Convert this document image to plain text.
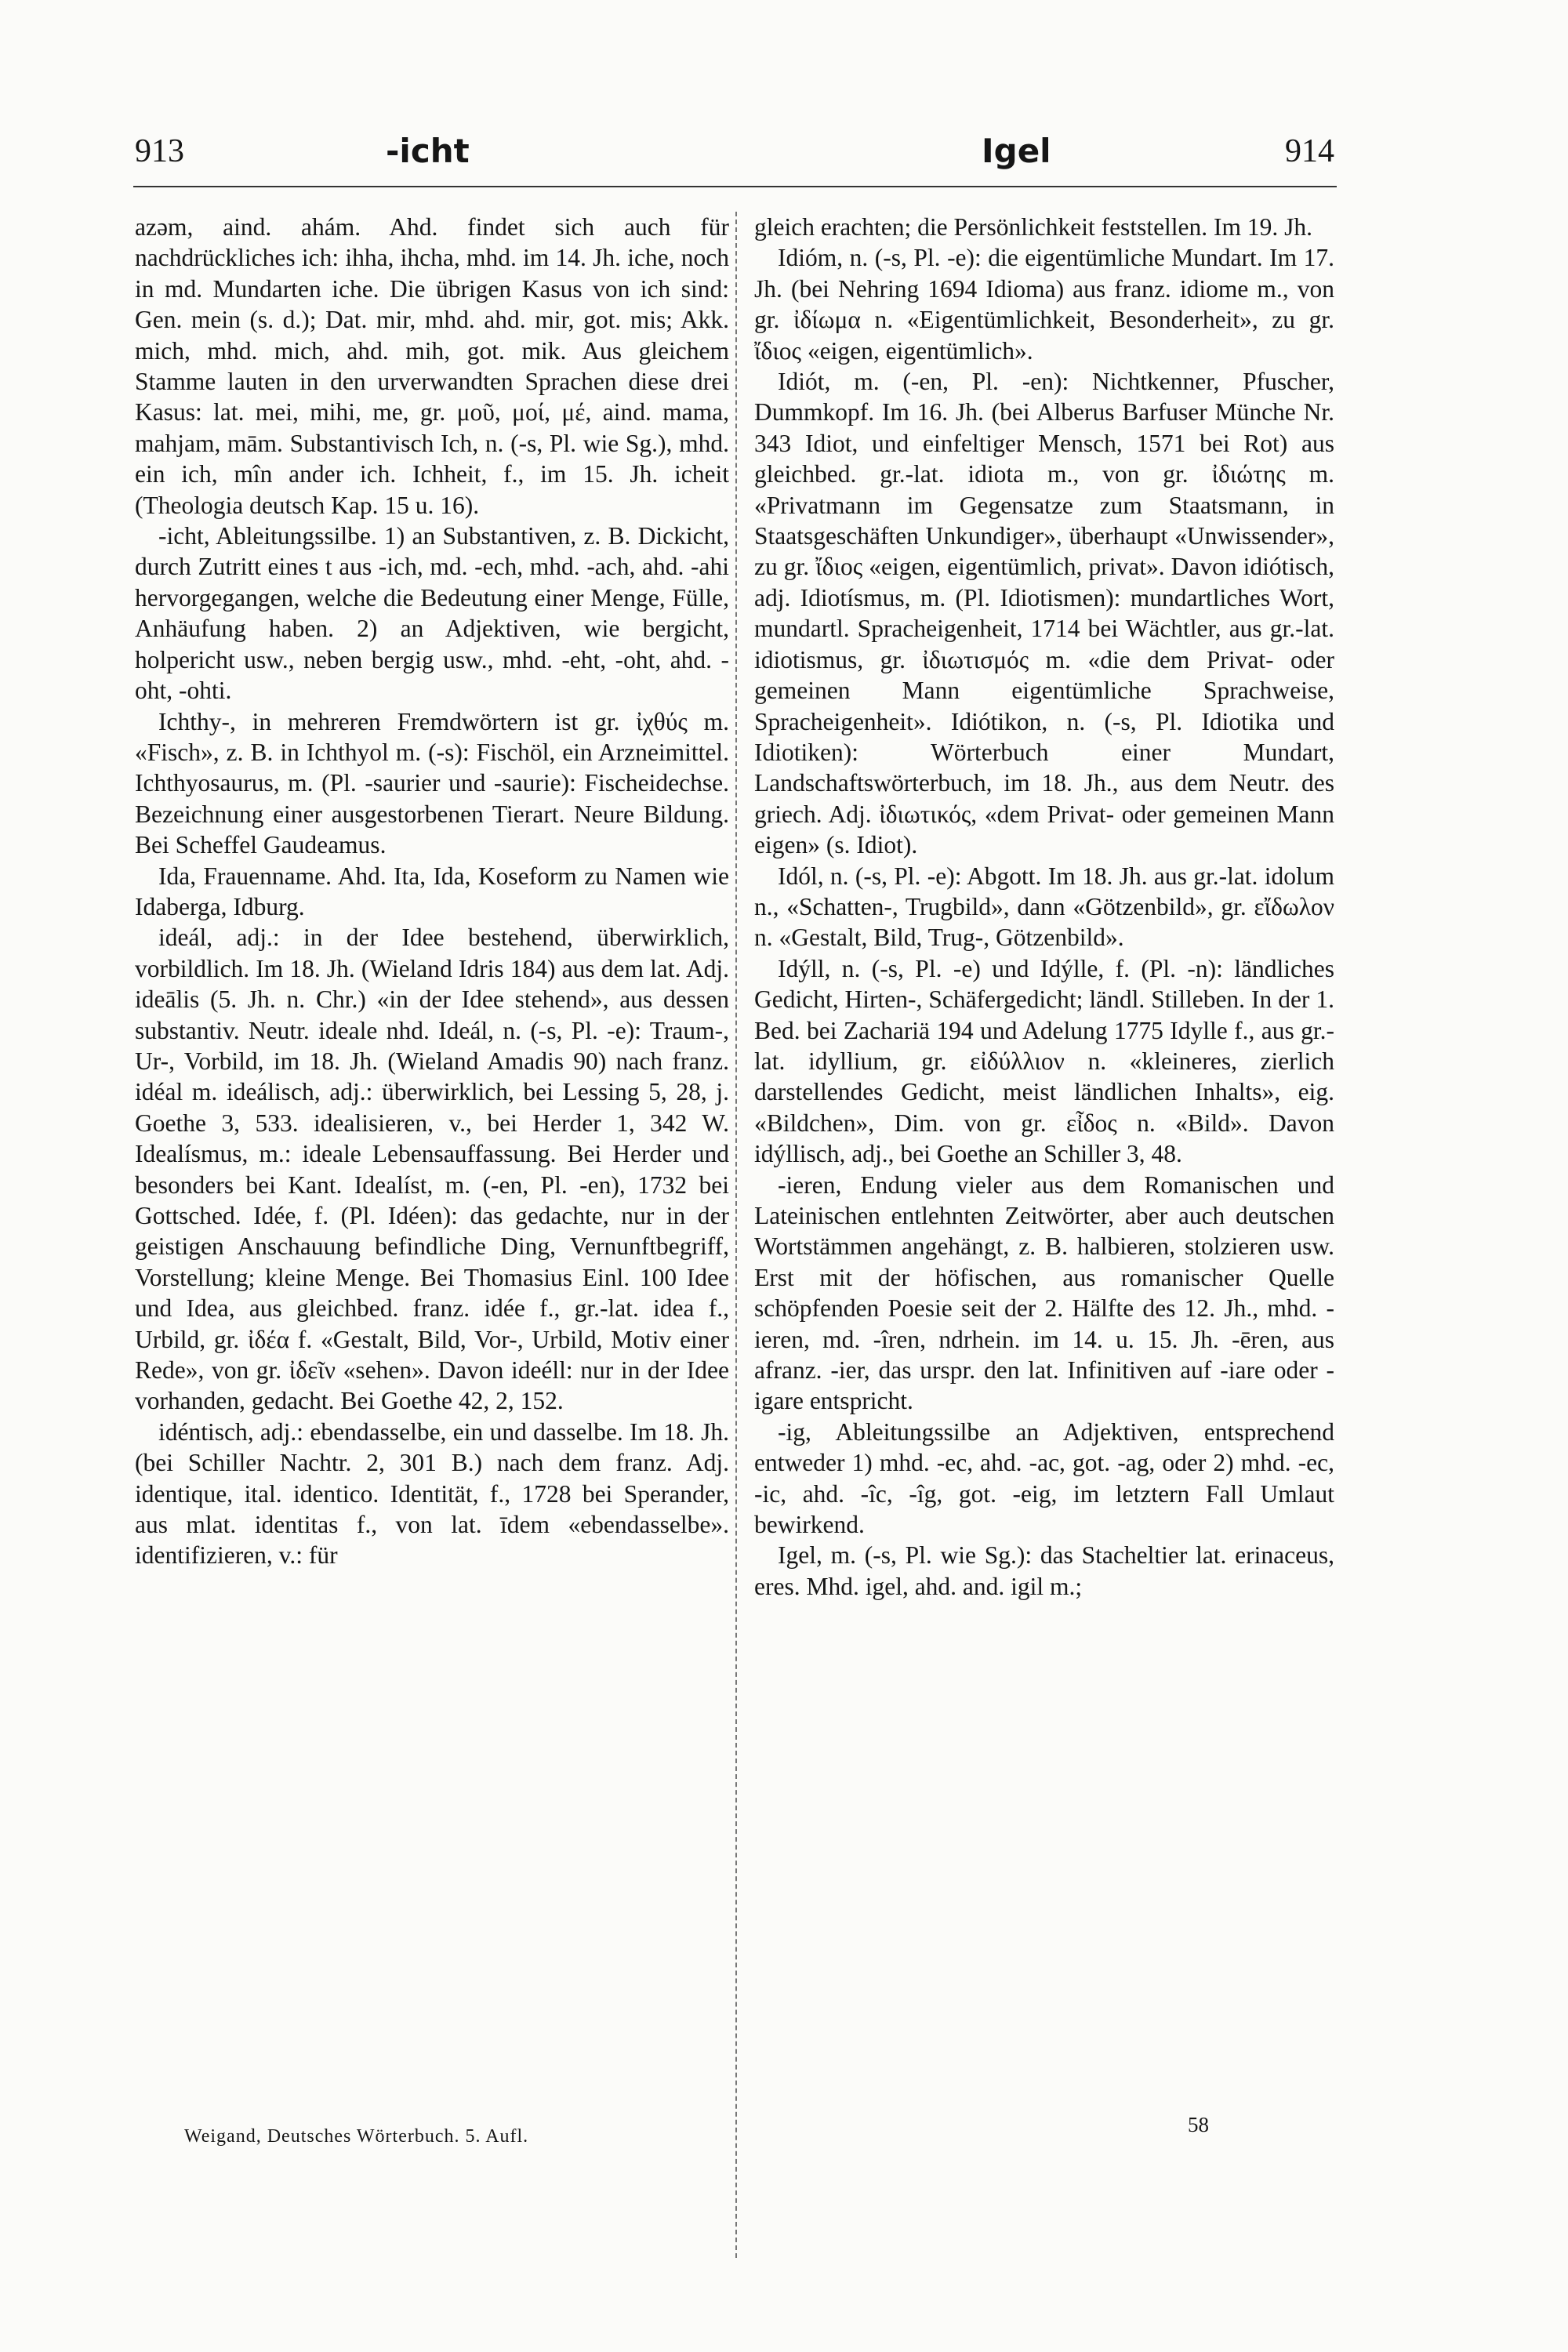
913	-icht	Igel	914

azəm, aind. ahám. Ahd. findet sich auch für nachdrückliches ich: ihha, ihcha, mhd. im 14. Jh. iche, noch in md. Mundarten iche. Die übrigen Kasus von ich sind: Gen. mein (s. d.); Dat. mir, mhd. ahd. mir, got. mis; Akk. mich, mhd. mich, ahd. mih, got. mik. Aus gleichem Stamme lauten in den urverwandten Sprachen diese drei Kasus: lat. mei, mihi, me, gr. μοῦ, μοί, μέ, aind. mama, mahjam, mām. Substantivisch Ich, n. (-s, Pl. wie Sg.), mhd. ein ich, mîn ander ich. Ichheit, f., im 15. Jh. icheit (Theologia deutsch Kap. 15 u. 16).

-icht, Ableitungssilbe. 1) an Substantiven, z. B. Dickicht, durch Zutritt eines t aus -ich, md. -ech, mhd. -ach, ahd. -ahi hervorgegangen, welche die Bedeutung einer Menge, Fülle, Anhäufung haben. 2) an Adjektiven, wie bergicht, holpericht usw., neben bergig usw., mhd. -eht, -oht, ahd. -oht, -ohti.

Ichthy-, in mehreren Fremdwörtern ist gr. ἰχθύς m. «Fisch», z. B. in Ichthyol m. (-s): Fischöl, ein Arzneimittel. Ichthyosaurus, m. (Pl. -saurier und -saurie): Fischeidechse. Bezeichnung einer ausgestorbenen Tierart. Neure Bildung. Bei Scheffel Gaudeamus.

Ida, Frauenname. Ahd. Ita, Ida, Koseform zu Namen wie Idaberga, Idburg.

ideál, adj.: in der Idee bestehend, überwirklich, vorbildlich. Im 18. Jh. (Wieland Idris 184) aus dem lat. Adj. ideālis (5. Jh. n. Chr.) «in der Idee stehend», aus dessen substantiv. Neutr. ideale nhd. Ideál, n. (-s, Pl. -e): Traum-, Ur-, Vorbild, im 18. Jh. (Wieland Amadis 90) nach franz. idéal m. ideálisch, adj.: überwirklich, bei Lessing 5, 28, j. Goethe 3, 533. idealisieren, v., bei Herder 1, 342 W. Idealísmus, m.: ideale Lebensauffassung. Bei Herder und besonders bei Kant. Idealíst, m. (-en, Pl. -en), 1732 bei Gottsched. Idée, f. (Pl. Idéen): das gedachte, nur in der geistigen Anschauung befindliche Ding, Vernunftbegriff, Vorstellung; kleine Menge. Bei Thomasius Einl. 100 Idee und Idea, aus gleichbed. franz. idée f., gr.-lat. idea f., Urbild, gr. ἰδέα f. «Gestalt, Bild, Vor-, Urbild, Motiv einer Rede», von gr. ἰδεῖν «sehen». Davon ideéll: nur in der Idee vorhanden, gedacht. Bei Goethe 42, 2, 152.

idéntisch, adj.: ebendasselbe, ein und dasselbe. Im 18. Jh. (bei Schiller Nachtr. 2, 301 B.) nach dem franz. Adj. identique, ital. identico. Identität, f., 1728 bei Sperander, aus mlat. identitas f., von lat. īdem «ebendasselbe». identifizieren, v.: für

gleich erachten; die Persönlichkeit feststellen. Im 19. Jh.

Idióm, n. (-s, Pl. -e): die eigentümliche Mundart. Im 17. Jh. (bei Nehring 1694 Idioma) aus franz. idiome m., von gr. ἰδίωμα n. «Eigentümlichkeit, Besonderheit», zu gr. ἴδιος «eigen, eigentümlich».

Idiót, m. (-en, Pl. -en): Nichtkenner, Pfuscher, Dummkopf. Im 16. Jh. (bei Alberus Barfuser Münche Nr. 343 Idiot, und einfeltiger Mensch, 1571 bei Rot) aus gleichbed. gr.-lat. idiota m., von gr. ἰδιώτης m. «Privatmann im Gegensatze zum Staatsmann, in Staatsgeschäften Unkundiger», überhaupt «Unwissender», zu gr. ἴδιος «eigen, eigentümlich, privat». Davon idiótisch, adj. Idiotísmus, m. (Pl. Idiotismen): mundartliches Wort, mundartl. Spracheigenheit, 1714 bei Wächtler, aus gr.-lat. idiotismus, gr. ἰδιωτισμός m. «die dem Privat- oder gemeinen Mann eigentümliche Sprachweise, Spracheigenheit». Idiótikon, n. (-s, Pl. Idiotika und Idiotiken): Wörterbuch einer Mundart, Landschaftswörterbuch, im 18. Jh., aus dem Neutr. des griech. Adj. ἰδιωτικός, «dem Privat- oder gemeinen Mann eigen» (s. Idiot).

Idól, n. (-s, Pl. -e): Abgott. Im 18. Jh. aus gr.-lat. idolum n., «Schatten-, Trugbild», dann «Götzenbild», gr. εἴδωλον n. «Gestalt, Bild, Trug-, Götzenbild».

Idýll, n. (-s, Pl. -e) und Idýlle, f. (Pl. -n): ländliches Gedicht, Hirten-, Schäfergedicht; ländl. Stilleben. In der 1. Bed. bei Zachariä 194 und Adelung 1775 Idylle f., aus gr.-lat. idyllium, gr. εἰδύλλιον n. «kleineres, zierlich darstellendes Gedicht, meist ländlichen Inhalts», eig. «Bildchen», Dim. von gr. εἶδος n. «Bild». Davon idýllisch, adj., bei Goethe an Schiller 3, 48.

-ieren, Endung vieler aus dem Romanischen und Lateinischen entlehnten Zeitwörter, aber auch deutschen Wortstämmen angehängt, z. B. halbieren, stolzieren usw. Erst mit der höfischen, aus romanischer Quelle schöpfenden Poesie seit der 2. Hälfte des 12. Jh., mhd. -ieren, md. -îren, ndrhein. im 14. u. 15. Jh. -ēren, aus afranz. -ier, das urspr. den lat. Infinitiven auf -iare oder -igare entspricht.

-ig, Ableitungssilbe an Adjektiven, entsprechend entweder 1) mhd. -ec, ahd. -ac, got. -ag, oder 2) mhd. -ec, -ic, ahd. -îc, -îg, got. -eig, im letztern Fall Umlaut bewirkend.

Igel, m. (-s, Pl. wie Sg.): das Stacheltier lat. erinaceus, eres. Mhd. igel, ahd. and. igil m.;

Weigand, Deutsches Wörterbuch. 5. Aufl.	58
